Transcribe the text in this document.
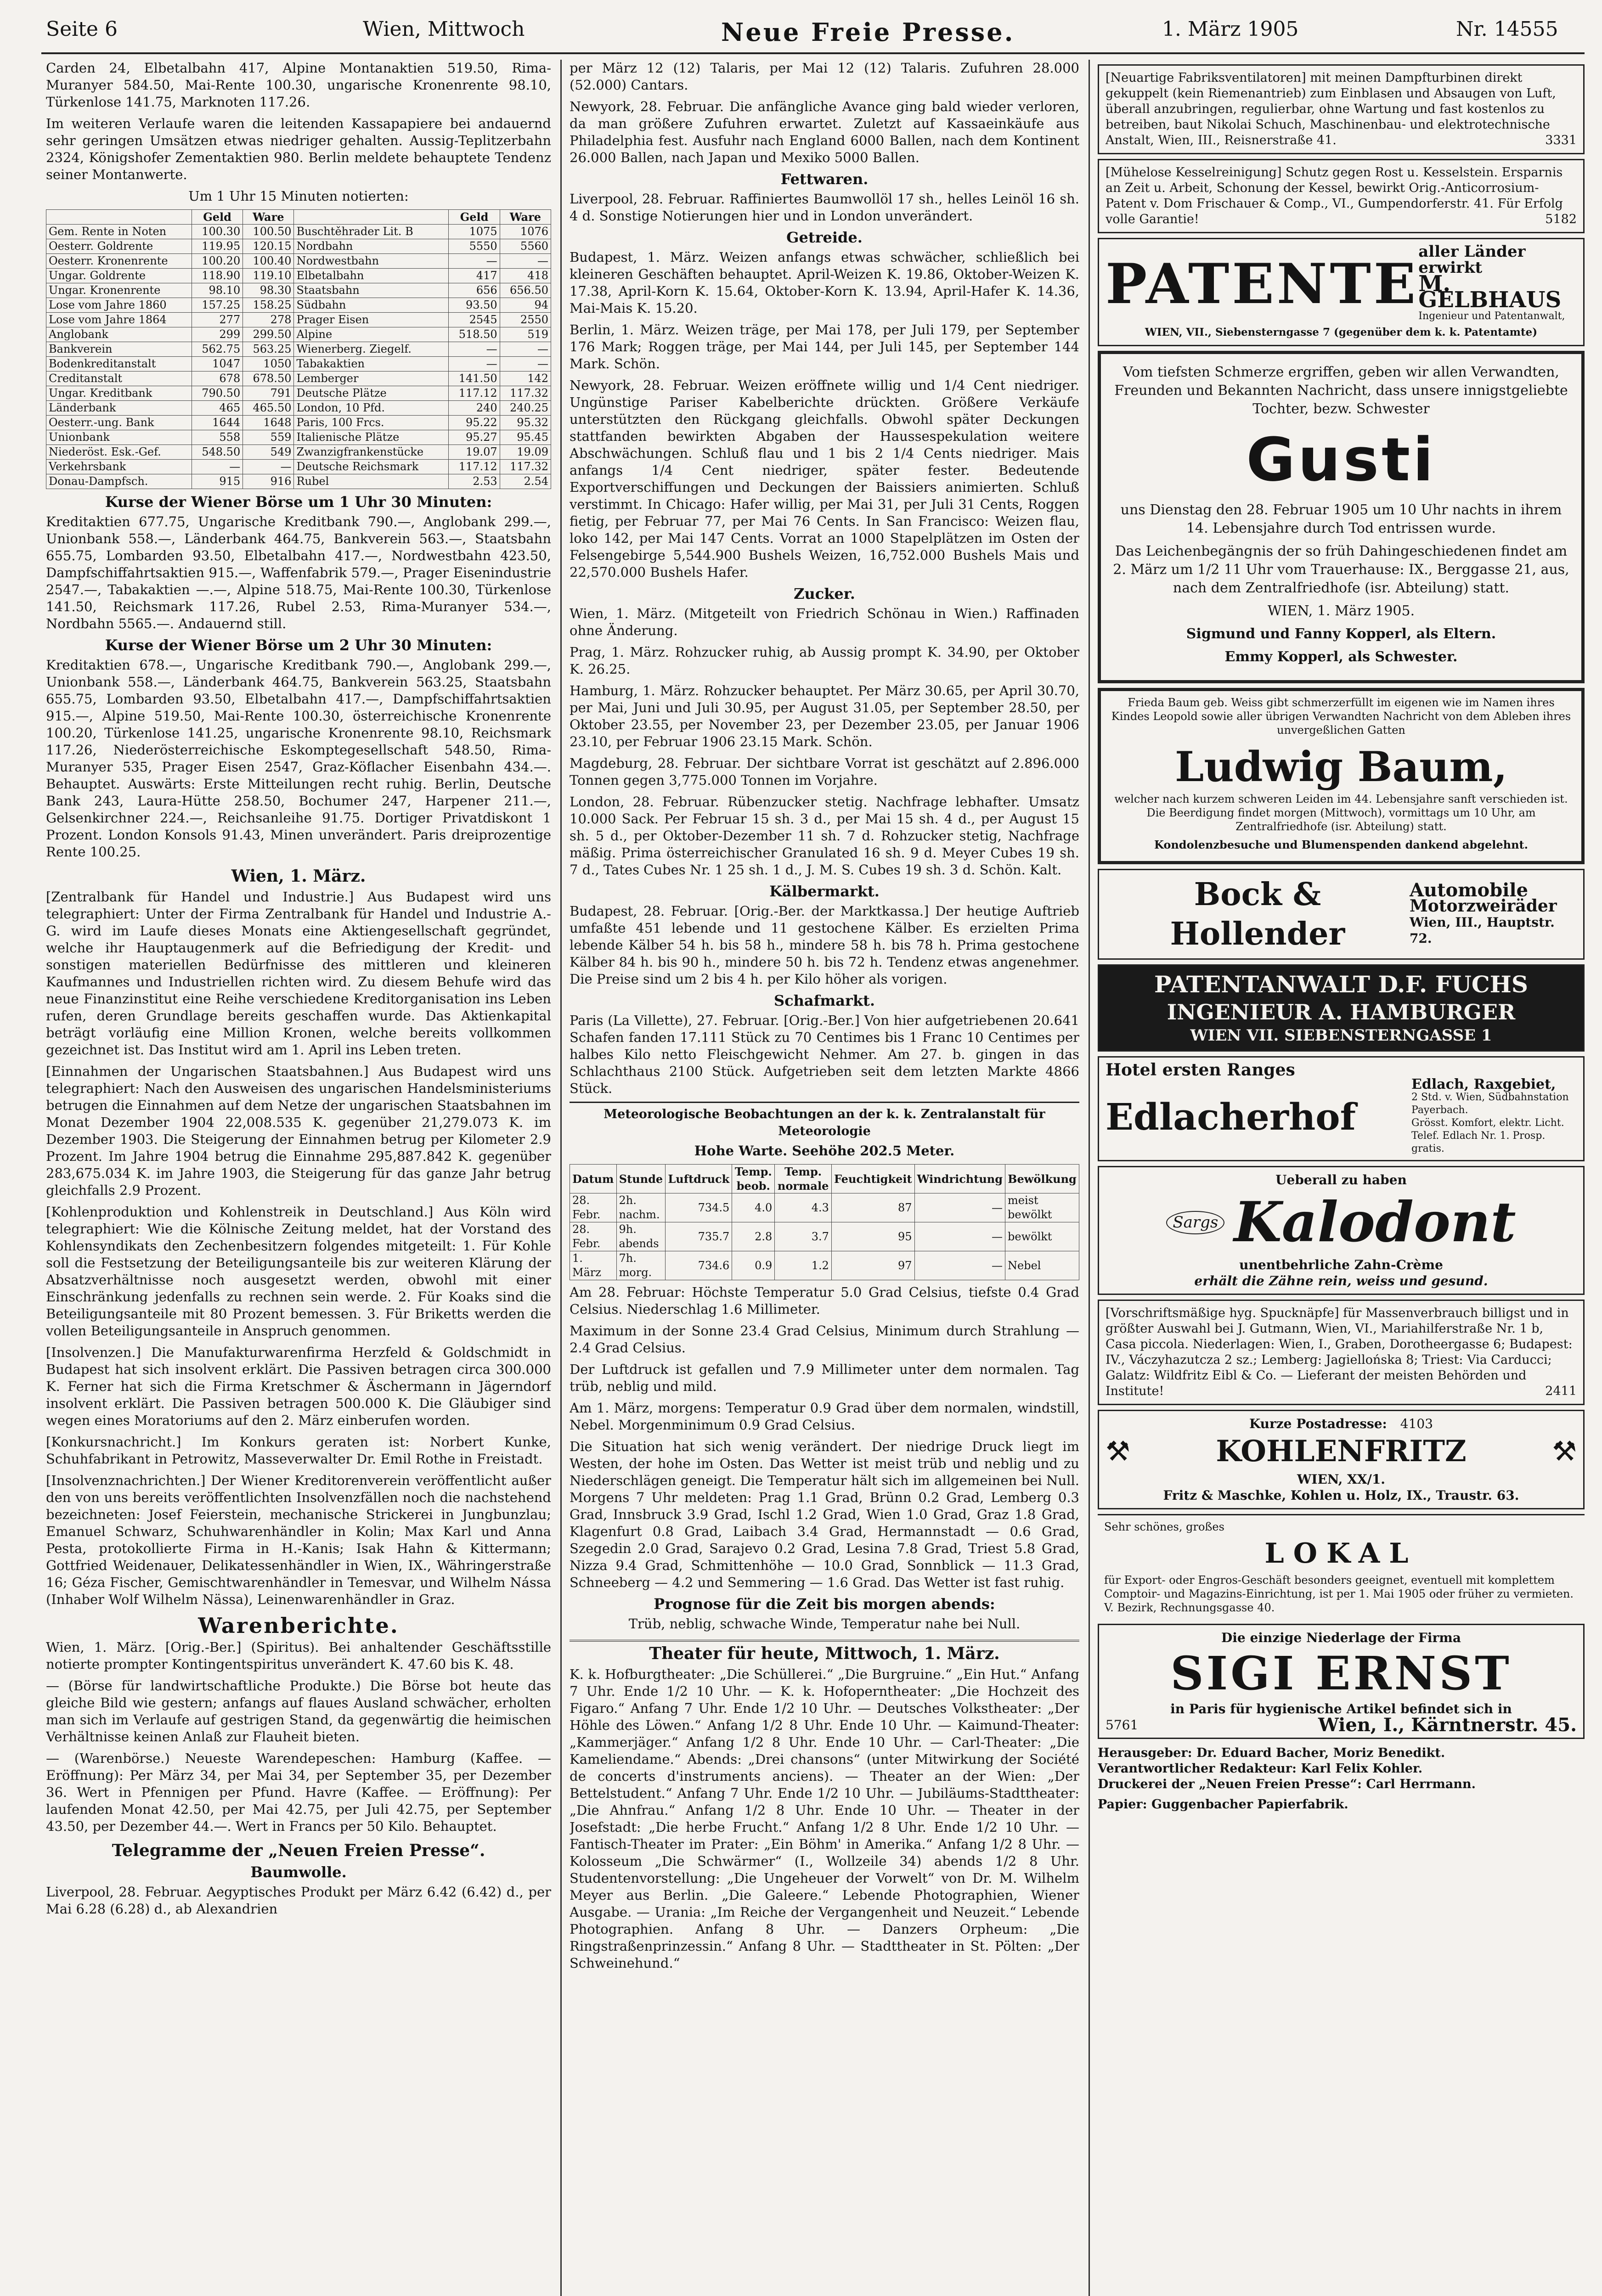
Seite 6	Wien, Mittwoch	Neue Freie Presse.	1. März 1905	Nr. 14555

Carden 24, Elbetalbahn 417, Alpine Montanaktien 519.50, Rima-Muranyer 584.50, Mai-Rente 100.30, ungarische Kronenrente 98.10, Türkenlose 141.75, Marknoten 117.26.

Im weiteren Verlaufe waren die leitenden Kassapapiere bei andauernd sehr geringen Umsätzen etwas niedriger gehalten. Aussig-Teplitzerbahn 2324, Königshofer Zementaktien 980. Berlin meldete behauptete Tendenz seiner Montanwerte.

Um 1 Uhr 15 Minuten notierten:

	Geld	Ware		Geld	Ware
Gem. Rente in Noten	100.30	100.50	Buschtěhrader Lit. B	1075	1076
Oesterr. Goldrente	119.95	120.15	Nordbahn	5550	5560
Oesterr. Kronenrente	100.20	100.40	Nordwestbahn	—	—
Ungar. Goldrente	118.90	119.10	Elbetalbahn	417	418
Ungar. Kronenrente	98.10	98.30	Staatsbahn	656	656.50
Lose vom Jahre 1860	157.25	158.25	Südbahn	93.50	94
Lose vom Jahre 1864	277	278	Prager Eisen	2545	2550
Anglobank	299	299.50	Alpine	518.50	519
Bankverein	562.75	563.25	Wienerberg. Ziegelf.	—	—
Bodenkreditanstalt	1047	1050	Tabakaktien	—	—
Creditanstalt	678	678.50	Lemberger	141.50	142
Ungar. Kreditbank	790.50	791	Deutsche Plätze	117.12	117.32
Länderbank	465	465.50	London, 10 Pfd.	240	240.25
Oesterr.-ung. Bank	1644	1648	Paris, 100 Frcs.	95.22	95.32
Unionbank	558	559	Italienische Plätze	95.27	95.45
Niederöst. Esk.-Gef.	548.50	549	Zwanzigfrankenstücke	19.07	19.09
Verkehrsbank	—	—	Deutsche Reichsmark	117.12	117.32
Donau-Dampfsch.	915	916	Rubel	2.53	2.54
Kurse der Wiener Börse um 1 Uhr 30 Minuten:

Kreditaktien 677.75, Ungarische Kreditbank 790.—, Anglobank 299.—, Unionbank 558.—, Länderbank 464.75, Bankverein 563.—, Staatsbahn 655.75, Lombarden 93.50, Elbetalbahn 417.—, Nordwestbahn 423.50, Dampfschiffahrtsaktien 915.—, Waffenfabrik 579.—, Prager Eisenindustrie 2547.—, Tabakaktien —.—, Alpine 518.75, Mai-Rente 100.30, Türkenlose 141.50, Reichsmark 117.26, Rubel 2.53, Rima-Muranyer 534.—, Nordbahn 5565.—. Andauernd still.

Kurse der Wiener Börse um 2 Uhr 30 Minuten:

Kreditaktien 678.—, Ungarische Kreditbank 790.—, Anglobank 299.—, Unionbank 558.—, Länderbank 464.75, Bankverein 563.25, Staatsbahn 655.75, Lombarden 93.50, Elbetalbahn 417.—, Dampfschiffahrtsaktien 915.—, Alpine 519.50, Mai-Rente 100.30, österreichische Kronenrente 100.20, Türkenlose 141.25, ungarische Kronenrente 98.10, Reichsmark 117.26, Niederösterreichische Eskomptegesellschaft 548.50, Rima-Muranyer 535, Prager Eisen 2547, Graz-Köflacher Eisenbahn 434.—. Behauptet. Auswärts: Erste Mitteilungen recht ruhig. Berlin, Deutsche Bank 243, Laura-Hütte 258.50, Bochumer 247, Harpener 211.—, Gelsenkirchner 224.—, Reichsanleihe 91.75. Dortiger Privatdiskont 1 Prozent. London Konsols 91.43, Minen unverändert. Paris dreiprozentige Rente 100.25.

Wien, 1. März.

[Zentralbank für Handel und Industrie.] Aus Budapest wird uns telegraphiert: Unter der Firma Zentralbank für Handel und Industrie A.-G. wird im Laufe dieses Monats eine Aktiengesellschaft gegründet, welche ihr Hauptaugenmerk auf die Befriedigung der Kredit- und sonstigen materiellen Bedürfnisse des mittleren und kleineren Kaufmannes und Industriellen richten wird. Zu diesem Behufe wird das neue Finanzinstitut eine Reihe verschiedene Kreditorganisation ins Leben rufen, deren Grundlage bereits geschaffen wurde. Das Aktienkapital beträgt vorläufig eine Million Kronen, welche bereits vollkommen gezeichnet ist. Das Institut wird am 1. April ins Leben treten.

[Einnahmen der Ungarischen Staatsbahnen.] Aus Budapest wird uns telegraphiert: Nach den Ausweisen des ungarischen Handelsministeriums betrugen die Einnahmen auf dem Netze der ungarischen Staatsbahnen im Monat Dezember 1904 22,008.535 K. gegenüber 21,279.073 K. im Dezember 1903. Die Steigerung der Einnahmen betrug per Kilometer 2.9 Prozent. Im Jahre 1904 betrug die Einnahme 295,887.842 K. gegenüber 283,675.034 K. im Jahre 1903, die Steigerung für das ganze Jahr betrug gleichfalls 2.9 Prozent.

[Kohlenproduktion und Kohlenstreik in Deutschland.] Aus Köln wird telegraphiert: Wie die Kölnische Zeitung meldet, hat der Vorstand des Kohlensyndikats den Zechenbesitzern folgendes mitgeteilt: 1. Für Kohle soll die Festsetzung der Beteiligungsanteile bis zur weiteren Klärung der Absatzverhältnisse noch ausgesetzt werden, obwohl mit einer Einschränkung jedenfalls zu rechnen sein werde. 2. Für Koaks sind die Beteiligungsanteile mit 80 Prozent bemessen. 3. Für Briketts werden die vollen Beteiligungsanteile in Anspruch genommen.

[Insolvenzen.] Die Manufakturwarenfirma Herzfeld & Goldschmidt in Budapest hat sich insolvent erklärt. Die Passiven betragen circa 300.000 K. Ferner hat sich die Firma Kretschmer & Äschermann in Jägerndorf insolvent erklärt. Die Passiven betragen 500.000 K. Die Gläubiger sind wegen eines Moratoriums auf den 2. März einberufen worden.

[Konkursnachricht.] Im Konkurs geraten ist: Norbert Kunke, Schuhfabrikant in Petrowitz, Masseverwalter Dr. Emil Rothe in Freistadt.

[Insolvenznachrichten.] Der Wiener Kreditorenverein veröffentlicht außer den von uns bereits veröffentlichten Insolvenzfällen noch die nachstehend bezeichneten: Josef Feierstein, mechanische Strickerei in Jungbunzlau; Emanuel Schwarz, Schuhwarenhändler in Kolin; Max Karl und Anna Pesta, protokollierte Firma in H.-Kanis; Isak Hahn & Kittermann; Gottfried Weidenauer, Delikatessenhändler in Wien, IX., Währingerstraße 16; Géza Fischer, Gemischtwarenhändler in Temesvar, und Wilhelm Nássa (Inhaber Wolf Wilhelm Nässa), Leinenwarenhändler in Graz.

Warenberichte.

Wien, 1. März. [Orig.-Ber.] (Spiritus). Bei anhaltender Geschäftsstille notierte prompter Kontingentspiritus unverändert K. 47.60 bis K. 48.

— (Börse für landwirtschaftliche Produkte.) Die Börse bot heute das gleiche Bild wie gestern; anfangs auf flaues Ausland schwächer, erholten man sich im Verlaufe auf gestrigen Stand, da gegenwärtig die heimischen Verhältnisse keinen Anlaß zur Flauheit bieten.

— (Warenbörse.) Neueste Warendepeschen: Hamburg (Kaffee. — Eröffnung): Per März 34, per Mai 34, per September 35, per Dezember 36. Wert in Pfennigen per Pfund. Havre (Kaffee. — Eröffnung): Per laufenden Monat 42.50, per Mai 42.75, per Juli 42.75, per September 43.50, per Dezember 44.—. Wert in Francs per 50 Kilo. Behauptet.

Telegramme der „Neuen Freien Presse“.
Baumwolle.

Liverpool, 28. Februar. Aegyptisches Produkt per März 6.42 (6.42) d., per Mai 6.28 (6.28) d., ab Alexandrien

per März 12 (12) Talaris, per Mai 12 (12) Talaris. Zufuhren 28.000 (52.000) Cantars.

Newyork, 28. Februar. Die anfängliche Avance ging bald wieder verloren, da man größere Zufuhren erwartet. Zuletzt auf Kassaeinkäufe aus Philadelphia fest. Ausfuhr nach England 6000 Ballen, nach dem Kontinent 26.000 Ballen, nach Japan und Mexiko 5000 Ballen.

Fettwaren.

Liverpool, 28. Februar. Raffiniertes Baumwollöl 17 sh., helles Leinöl 16 sh. 4 d. Sonstige Notierungen hier und in London unverändert.

Getreide.

Budapest, 1. März. Weizen anfangs etwas schwächer, schließlich bei kleineren Geschäften behauptet. April-Weizen K. 19.86, Oktober-Weizen K. 17.38, April-Korn K. 15.64, Oktober-Korn K. 13.94, April-Hafer K. 14.36, Mai-Mais K. 15.20.

Berlin, 1. März. Weizen träge, per Mai 178, per Juli 179, per September 176 Mark; Roggen träge, per Mai 144, per Juli 145, per September 144 Mark. Schön.

Newyork, 28. Februar. Weizen eröffnete willig und 1/4 Cent niedriger. Ungünstige Pariser Kabelberichte drückten. Größere Verkäufe unterstützten den Rückgang gleichfalls. Obwohl später Deckungen stattfanden bewirkten Abgaben der Haussespekulation weitere Abschwächungen. Schluß flau und 1 bis 2 1/4 Cents niedriger. Mais anfangs 1/4 Cent niedriger, später fester. Bedeutende Exportverschiffungen und Deckungen der Baissiers animierten. Schluß verstimmt. In Chicago: Hafer willig, per Mai 31, per Juli 31 Cents, Roggen fietig, per Februar 77, per Mai 76 Cents. In San Francisco: Weizen flau, loko 142, per Mai 147 Cents. Vorrat an 1000 Stapelplätzen im Osten der Felsengebirge 5,544.900 Bushels Weizen, 16,752.000 Bushels Mais und 22,570.000 Bushels Hafer.

Zucker.

Wien, 1. März. (Mitgeteilt von Friedrich Schönau in Wien.) Raffinaden ohne Änderung.

Prag, 1. März. Rohzucker ruhig, ab Aussig prompt K. 34.90, per Oktober K. 26.25.

Hamburg, 1. März. Rohzucker behauptet. Per März 30.65, per April 30.70, per Mai, Juni und Juli 30.95, per August 31.05, per September 28.50, per Oktober 23.55, per November 23, per Dezember 23.05, per Januar 1906 23.10, per Februar 1906 23.15 Mark. Schön.

Magdeburg, 28. Februar. Der sichtbare Vorrat ist geschätzt auf 2.896.000 Tonnen gegen 3,775.000 Tonnen im Vorjahre.

London, 28. Februar. Rübenzucker stetig. Nachfrage lebhafter. Umsatz 10.000 Sack. Per Februar 15 sh. 3 d., per Mai 15 sh. 4 d., per August 15 sh. 5 d., per Oktober-Dezember 11 sh. 7 d. Rohzucker stetig, Nachfrage mäßig. Prima österreichischer Granulated 16 sh. 9 d. Meyer Cubes 19 sh. 7 d., Tates Cubes Nr. 1 25 sh. 1 d., J. M. S. Cubes 19 sh. 3 d. Schön. Kalt.

Kälbermarkt.

Budapest, 28. Februar. [Orig.-Ber. der Marktkassa.] Der heutige Auftrieb umfaßte 451 lebende und 11 gestochene Kälber. Es erzielten Prima lebende Kälber 54 h. bis 58 h., mindere 58 h. bis 78 h. Prima gestochene Kälber 84 h. bis 90 h., mindere 50 h. bis 72 h. Tendenz etwas angenehmer. Die Preise sind um 2 bis 4 h. per Kilo höher als vorigen.

Schafmarkt.

Paris (La Villette), 27. Februar. [Orig.-Ber.] Von hier aufgetriebenen 20.641 Schafen fanden 17.111 Stück zu 70 Centimes bis 1 Franc 10 Centimes per halbes Kilo netto Fleischgewicht Nehmer. Am 27. b. gingen in das Schlachthaus 2100 Stück. Aufgetrieben seit dem letzten Markte 4866 Stück.

Meteorologische Beobachtungen an der k. k. Zentralanstalt für Meteorologie

Hohe Warte. Seehöhe 202.5 Meter.

Datum	Stunde	Luftdruck	Temp. beob.	Temp. normale	Feuchtigkeit	Windrichtung	Bewölkung
28. Febr.	2h. nachm.	734.5	4.0	4.3	87	—	meist bewölkt
28. Febr.	9h. abends	735.7	2.8	3.7	95	—	bewölkt
1. März	7h. morg.	734.6	0.9	1.2	97	—	Nebel

Am 28. Februar: Höchste Temperatur 5.0 Grad Celsius, tiefste 0.4 Grad Celsius. Niederschlag 1.6 Millimeter.

Maximum in der Sonne 23.4 Grad Celsius, Minimum durch Strahlung — 2.4 Grad Celsius.

Der Luftdruck ist gefallen und 7.9 Millimeter unter dem normalen. Tag trüb, neblig und mild.

Am 1. März, morgens: Temperatur 0.9 Grad über dem normalen, windstill, Nebel. Morgenminimum 0.9 Grad Celsius.

Die Situation hat sich wenig verändert. Der niedrige Druck liegt im Westen, der hohe im Osten. Das Wetter ist meist trüb und neblig und zu Niederschlägen geneigt. Die Temperatur hält sich im allgemeinen bei Null. Morgens 7 Uhr meldeten: Prag 1.1 Grad, Brünn 0.2 Grad, Lemberg 0.3 Grad, Innsbruck 3.9 Grad, Ischl 1.2 Grad, Wien 1.0 Grad, Graz 1.8 Grad, Klagenfurt 0.8 Grad, Laibach 3.4 Grad, Hermannstadt — 0.6 Grad, Szegedin 2.0 Grad, Sarajevo 0.2 Grad, Lesina 7.8 Grad, Triest 5.8 Grad, Nizza 9.4 Grad, Schmittenhöhe — 10.0 Grad, Sonnblick — 11.3 Grad, Schneeberg — 4.2 und Semmering — 1.6 Grad. Das Wetter ist fast ruhig.

Prognose für die Zeit bis morgen abends:

Trüb, neblig, schwache Winde, Temperatur nahe bei Null.

Theater für heute, Mittwoch, 1. März.

K. k. Hofburgtheater: „Die Schüllerei.“ „Die Burgruine.“ „Ein Hut.“ Anfang 7 Uhr. Ende 1/2 10 Uhr. — K. k. Hofoperntheater: „Die Hochzeit des Figaro.“ Anfang 7 Uhr. Ende 1/2 10 Uhr. — Deutsches Volkstheater: „Der Höhle des Löwen.“ Anfang 1/2 8 Uhr. Ende 10 Uhr. — Kaimund-Theater: „Kammerjäger.“ Anfang 1/2 8 Uhr. Ende 10 Uhr. — Carl-Theater: „Die Kameliendame.“ Abends: „Drei chansons“ (unter Mitwirkung der Société de concerts d'instruments anciens). — Theater an der Wien: „Der Bettelstudent.“ Anfang 7 Uhr. Ende 1/2 10 Uhr. — Jubiläums-Stadttheater: „Die Ahnfrau.“ Anfang 1/2 8 Uhr. Ende 10 Uhr. — Theater in der Josefstadt: „Die herbe Frucht.“ Anfang 1/2 8 Uhr. Ende 1/2 10 Uhr. — Fantisch-Theater im Prater: „Ein Böhm' in Amerika.“ Anfang 1/2 8 Uhr. — Kolosseum „Die Schwärmer“ (I., Wollzeile 34) abends 1/2 8 Uhr. Studentenvorstellung: „Die Ungeheuer der Vorwelt“ von Dr. M. Wilhelm Meyer aus Berlin. „Die Galeere.“ Lebende Photographien, Wiener Ausgabe. — Urania: „Im Reiche der Vergangenheit und Neuzeit.“ Lebende Photographien. Anfang 8 Uhr. — Danzers Orpheum: „Die Ringstraßenprinzessin.“ Anfang 8 Uhr. — Stadttheater in St. Pölten: „Der Schweinehund.“

[Neuartige Fabriksventilatoren] mit meinen Dampfturbinen direkt gekuppelt (kein Riemenantrieb) zum Einblasen und Absaugen von Luft, überall anzubringen, regulierbar, ohne Wartung und fast kostenlos zu betreiben, baut Nikolai Schuch, Maschinenbau- und elektrotechnische Anstalt, Wien, III., Reisnerstraße 41.	3331
[Mühelose Kesselreinigung] Schutz gegen Rost u. Kesselstein. Ersparnis an Zeit u. Arbeit, Schonung der Kessel, bewirkt Orig.-Anticorrosium-Patent v. Dom Frischauer & Comp., VI., Gumpendorferstr. 41. Für Erfolg volle Garantie!	5182
PATENTE aller Länder erwirkt
M. GELBHAUS
Ingenieur und Patentanwalt,
WIEN, VII., Siebensterngasse 7 (gegenüber dem k. k. Patentamte)

Vom tiefsten Schmerze ergriffen, geben wir allen Verwandten, Freunden und Bekannten Nachricht, dass unsere innigstgeliebte Tochter, bezw. Schwester

Gusti

uns Dienstag den 28. Februar 1905 um 10 Uhr nachts in ihrem 14. Lebensjahre durch Tod entrissen wurde.

Das Leichenbegängnis der so früh Dahingeschiedenen findet am 2. März um 1/2 11 Uhr vom Trauerhause: IX., Berggasse 21, aus, nach dem Zentralfriedhofe (isr. Abteilung) statt.

WIEN, 1. März 1905.

Sigmund und Fanny Kopperl, als Eltern.

Emmy Kopperl, als Schwester.

Frieda Baum geb. Weiss gibt schmerzerfüllt im eigenen wie im Namen ihres Kindes Leopold sowie aller übrigen Verwandten Nachricht von dem Ableben ihres unvergeßlichen Gatten

Ludwig Baum,

welcher nach kurzem schweren Leiden im 44. Lebensjahre sanft verschieden ist. Die Beerdigung findet morgen (Mittwoch), vormittags um 10 Uhr, am Zentralfriedhofe (isr. Abteilung) statt.

Kondolenzbesuche und Blumenspenden dankend abgelehnt.

Bock & Hollender
Automobile
Motorzweiräder
Wien, III., Hauptstr. 72.
PATENTANWALT D.F. FUCHS
INGENIEUR A. HAMBURGER
WIEN VII. SIEBENSTERNGASSE 1
Hotel ersten Ranges
Edlacherhof
Edlach, Raxgebiet,
2 Std. v. Wien, Südbahnstation Payerbach.
Grösst. Komfort, elektr. Licht. Telef. Edlach Nr. 1. Prosp. gratis.
Ueberall zu haben
Sargs Kalodont
unentbehrliche Zahn-Crème
erhält die Zähne rein, weiss und gesund.
[Vorschriftsmäßige hyg. Spucknäpfe] für Massenverbrauch billigst und in größter Auswahl bei J. Gutmann, Wien, VI., Mariahilferstraße Nr. 1 b, Casa piccola. Niederlagen: Wien, I., Graben, Dorotheergasse 6; Budapest: IV., Váczyhazutcza 2 sz.; Lemberg: Jagiellońska 8; Triest: Via Carducci; Galatz: Wildfritz Eibl & Co. — Lieferant der meisten Behörden und Institute!	2411
Kurze Postadresse: 4103
⚒	KOHLENFRITZ	⚒
WIEN, XX/1.
Fritz & Maschke, Kohlen u. Holz, IX., Traustr. 63.
Sehr schönes, großes
LOKAL
für Export- oder Engros-Geschäft besonders geeignet, eventuell mit komplettem Comptoir- und Magazins-Einrichtung, ist per 1. Mai 1905 oder früher zu vermieten. V. Bezirk, Rechnungsgasse 40.
Die einzige Niederlage der Firma
SIGI ERNST
in Paris für hygienische Artikel befindet sich in
5761	Wien, I., Kärntnerstr. 45.
Herausgeber: Dr. Eduard Bacher, Moriz Benedikt.
Verantwortlicher Redakteur: Karl Felix Kohler.
Druckerei der „Neuen Freien Presse“: Carl Herrmann.
Papier: Guggenbacher Papierfabrik.
